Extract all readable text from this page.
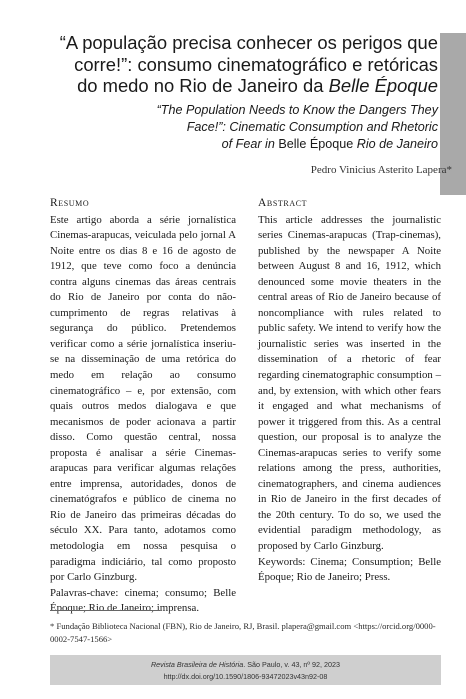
“A população precisa conhecer os perigos que
corre!”: consumo cinematográfico e retóricas
do medo no Rio de Janeiro da Belle Époque
“The Population Needs to Know the Dangers They
Face!”: Cinematic Consumption and Rhetoric
of Fear in Belle Époque Rio de Janeiro
Pedro Vinicius Asterito Lapera*
Resumo

Este artigo aborda a série jornalística Cinemas-arapucas, veiculada pelo jornal A Noite entre os dias 8 e 16 de agosto de 1912, que teve como foco a denúncia contra alguns cinemas das áreas centrais do Rio de Janeiro por conta do não-cumprimento de regras relativas à segurança do público. Pretendemos verificar como a série jornalística inseriu-se na disseminação de uma retórica do medo em relação ao consumo cinematográfico – e, por extensão, com quais outros medos dialogava e que mecanismos de poder acionava a partir disso. Como questão central, nossa proposta é analisar a série Cinemas-arapucas para verificar algumas relações entre imprensa, autoridades, donos de cinematógrafos e público de cinema no Rio de Janeiro das primeiras décadas do século XX. Para tanto, adotamos como metodologia em nossa pesquisa o paradigma indiciário, tal como proposto por Carlo Ginzburg.

Palavras-chave: cinema; consumo; Belle Époque; Rio de Janeiro; imprensa.

Abstract

This article addresses the journalistic series Cinemas-arapucas (Trap-cinemas), published by the newspaper A Noite between August 8 and 16, 1912, which denounced some movie theaters in the central areas of Rio de Janeiro because of noncompliance with rules related to public safety. We intend to verify how the journalistic series was inserted in the dissemination of a rhetoric of fear regarding cinematographic consumption – and, by extension, with which other fears it engaged and what mechanisms of power it triggered from this. As a central question, our proposal is to analyze the Cinemas-arapucas series to verify some relations among the press, authorities, cinematographers, and cinema audiences in Rio de Janeiro in the first decades of the 20th century. To do so, we used the evidential paradigm methodology, as proposed by Carlo Ginzburg.

Keywords: Cinema; Consumption; Belle Époque; Rio de Janeiro; Press.

* Fundação Biblioteca Nacional (FBN), Rio de Janeiro, RJ, Brasil. plapera@gmail.com <https://orcid.org/0000-0002-7547-1566>
Revista Brasileira de História. São Paulo, v. 43, nº 92, 2023
http://dx.doi.org/10.1590/1806-93472023v43n92-08
